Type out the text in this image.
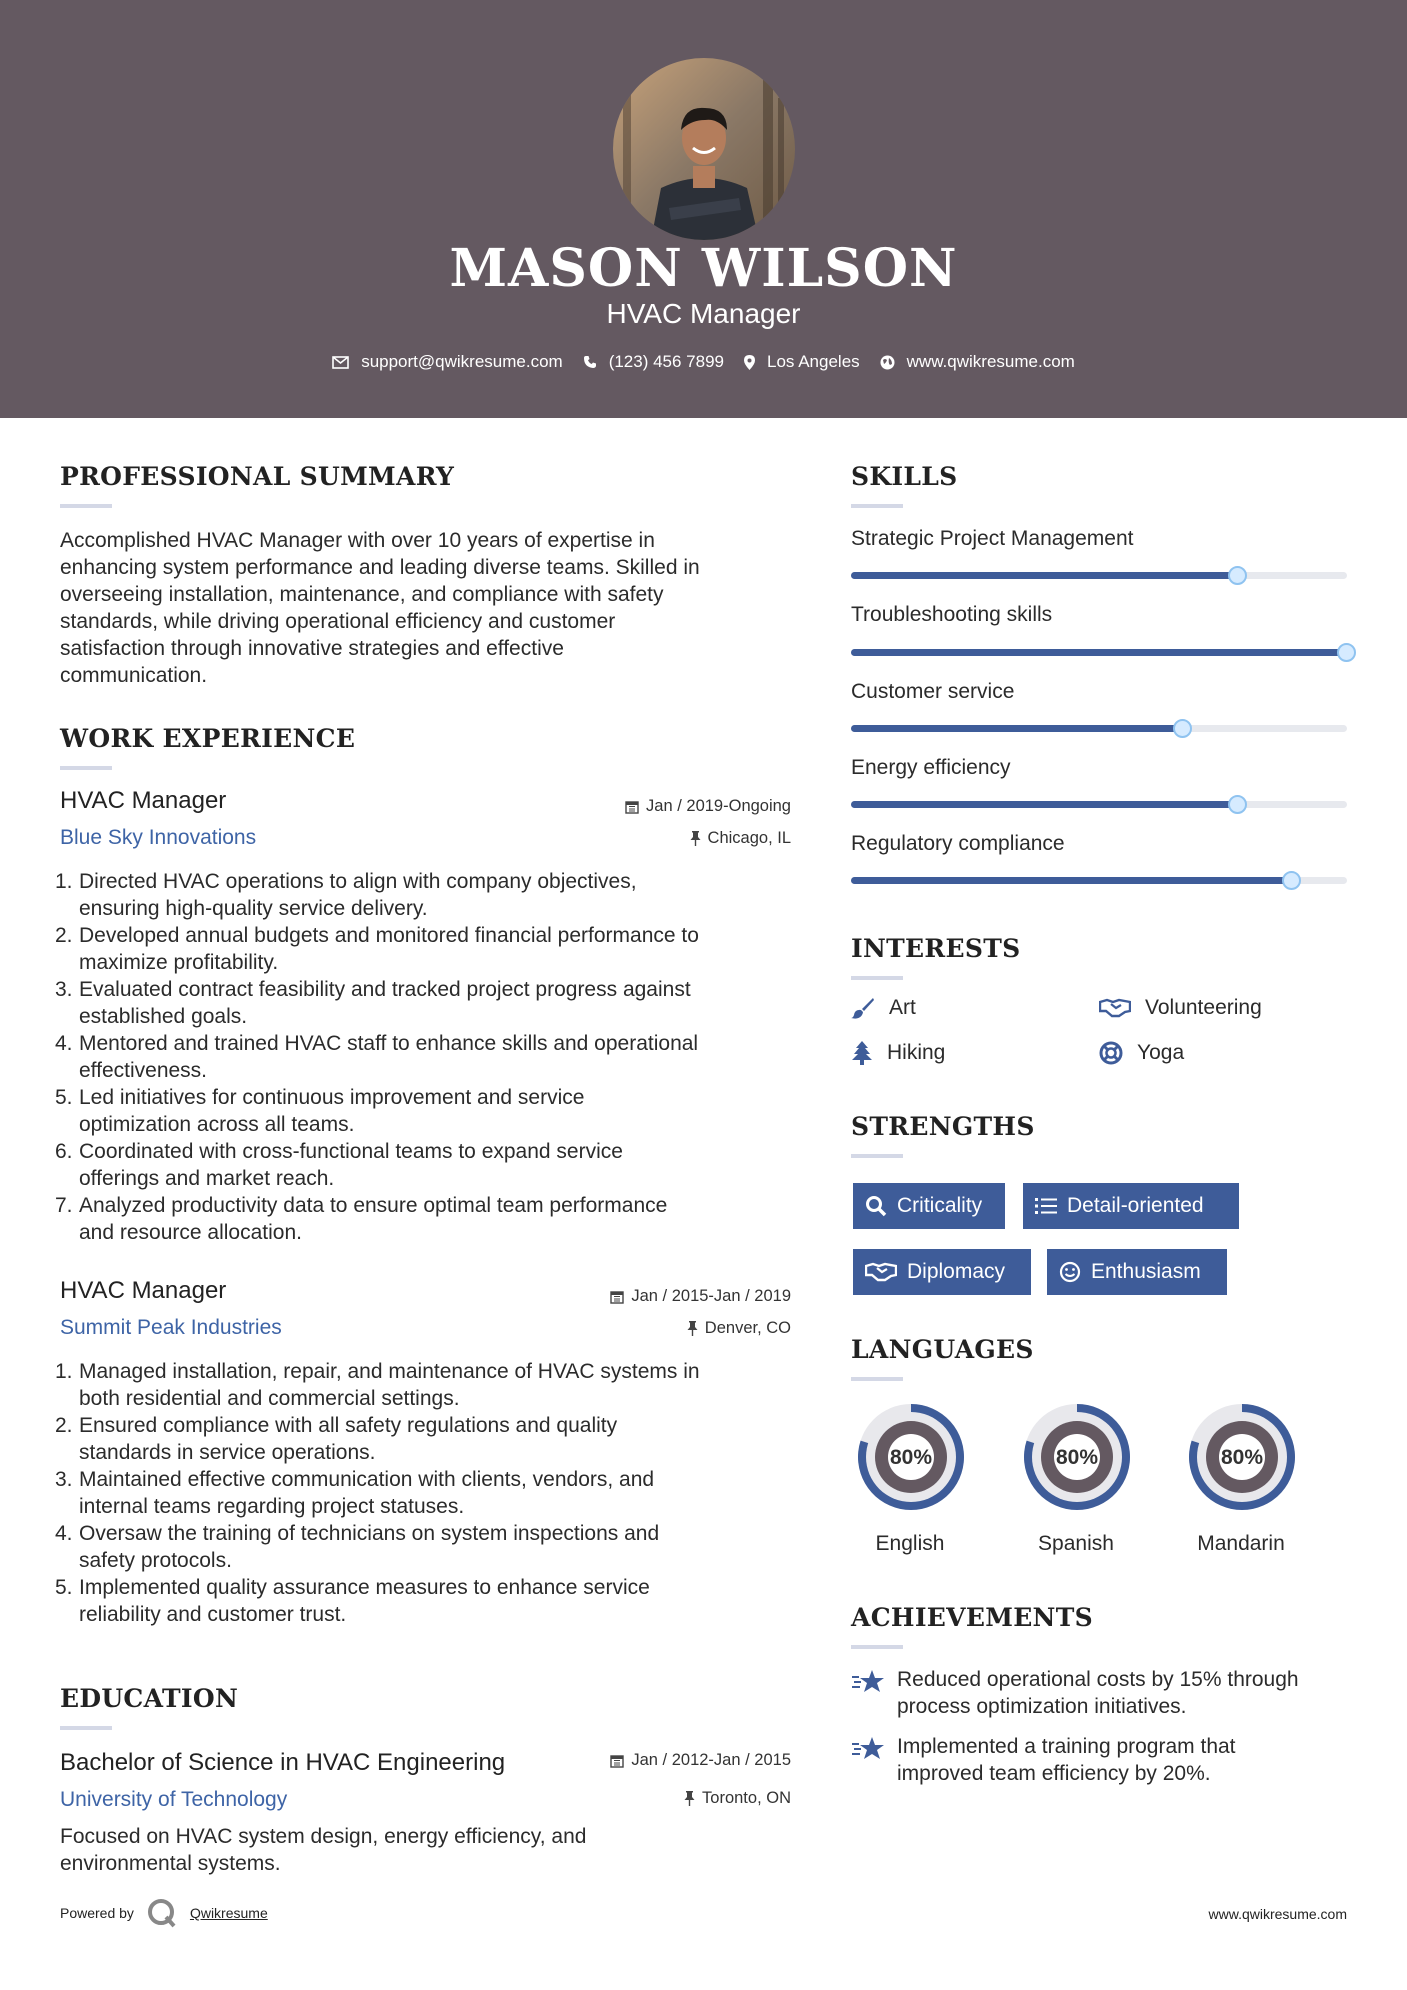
MASON WILSON
HVAC Manager
support@qwikresume.com	(123) 456 7899	Los Angeles	www.qwikresume.com
PROFESSIONAL SUMMARY
Accomplished HVAC Manager with over 10 years of expertise in
enhancing system performance and leading diverse teams. Skilled in
overseeing installation, maintenance, and compliance with safety
standards, while driving operational efficiency and customer
satisfaction through innovative strategies and effective
communication.
WORK EXPERIENCE
HVAC Manager	Jan / 2019-Ongoing
Blue Sky Innovations	Chicago, IL
1. Directed HVAC operations to align with company objectives,
ensuring high-quality service delivery.
2. Developed annual budgets and monitored financial performance to
maximize profitability.
3. Evaluated contract feasibility and tracked project progress against
established goals.
4. Mentored and trained HVAC staff to enhance skills and operational
effectiveness.
5. Led initiatives for continuous improvement and service
optimization across all teams.
6. Coordinated with cross-functional teams to expand service
offerings and market reach.
7. Analyzed productivity data to ensure optimal team performance
and resource allocation.
HVAC Manager	Jan / 2015-Jan / 2019
Summit Peak Industries	Denver, CO
1. Managed installation, repair, and maintenance of HVAC systems in
both residential and commercial settings.
2. Ensured compliance with all safety regulations and quality
standards in service operations.
3. Maintained effective communication with clients, vendors, and
internal teams regarding project statuses.
4. Oversaw the training of technicians on system inspections and
safety protocols.
5. Implemented quality assurance measures to enhance service
reliability and customer trust.
EDUCATION
Bachelor of Science in HVAC Engineering	Jan / 2012-Jan / 2015
University of Technology	Toronto, ON
Focused on HVAC system design, energy efficiency, and
environmental systems.
SKILLS
Strategic Project Management
Troubleshooting skills
Customer service
Energy efficiency
Regulatory compliance
INTERESTS
Art	Volunteering
Hiking	Yoga
STRENGTHS
Criticality	Detail-oriented
Diplomacy	Enthusiasm
LANGUAGES
80%
English
80%
Spanish
80%
Mandarin
ACHIEVEMENTS
Reduced operational costs by 15% through
process optimization initiatives.
Implemented a training program that
improved team efficiency by 20%.
Powered by	Qwikresume	www.qwikresume.com
